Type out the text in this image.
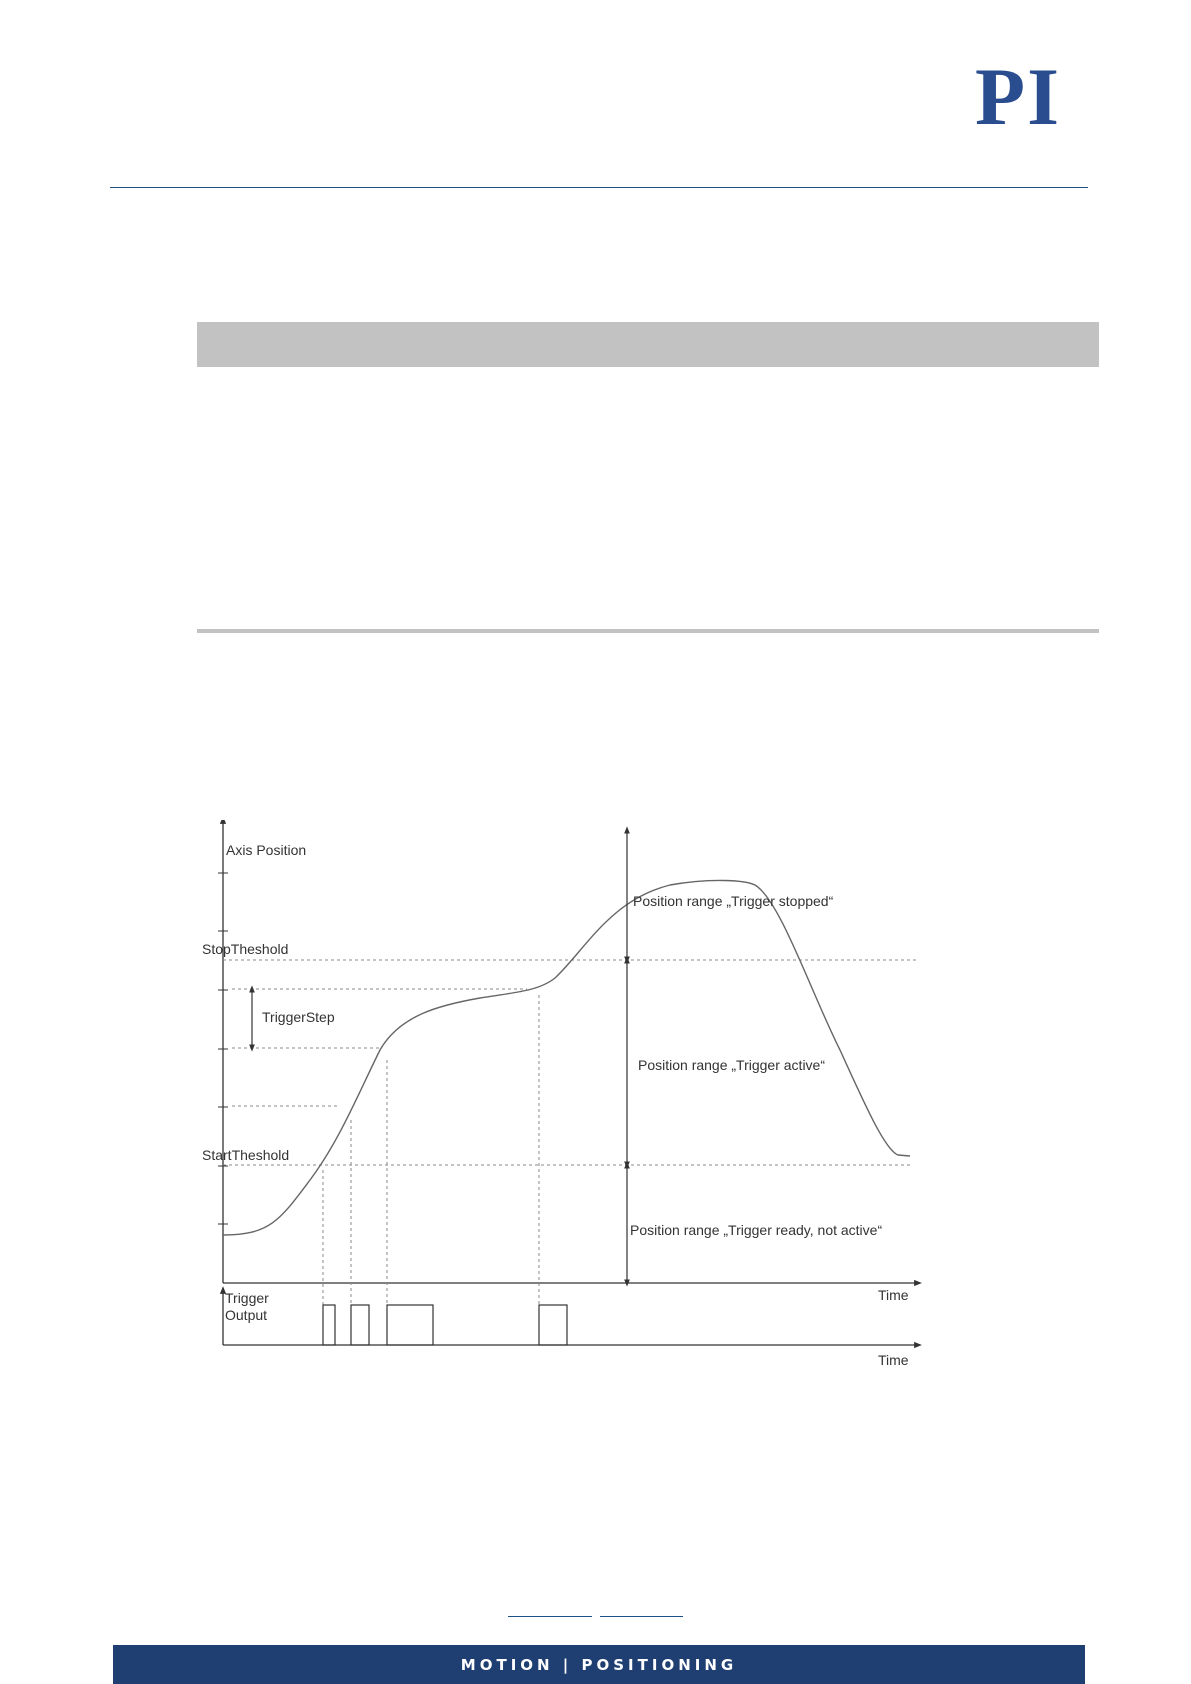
PI
Axis Position
StopTheshold
StartTheshold
TriggerStep
Position range „Trigger stopped“
Position range „Trigger active“
Position range „Trigger ready, not active“
Time
Trigger
Output
Time
MOTION | POSITIONING
